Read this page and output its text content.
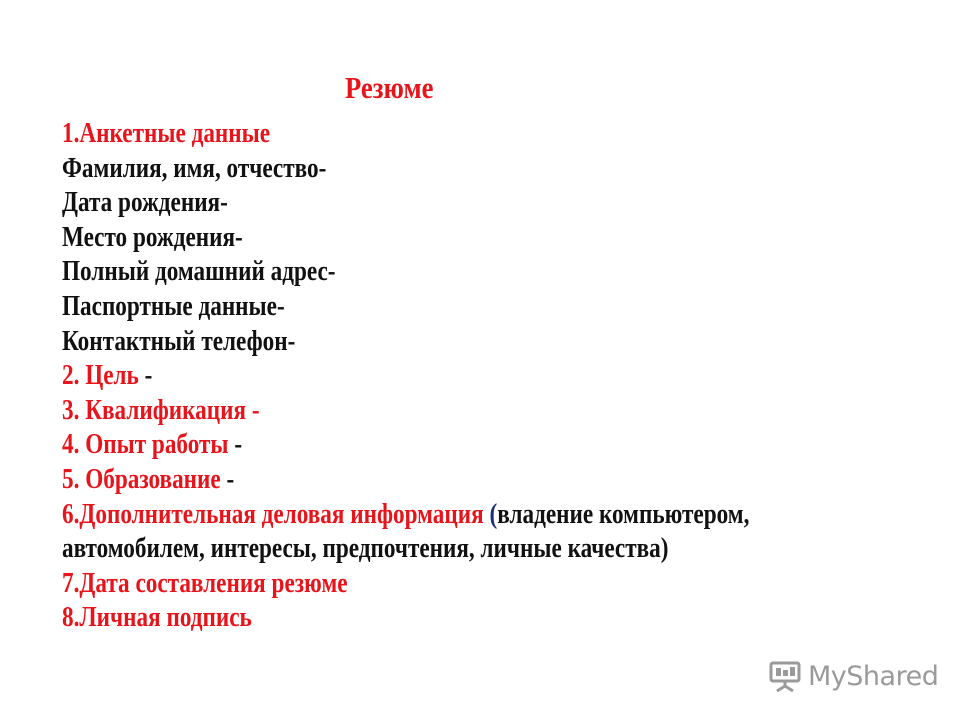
Резюме
1.Анкетные данные
Фамилия, имя, отчество-
Дата рождения-
Место рождения-
Полный домашний адрес-
Паспортные данные-
Контактный телефон-
2. Цель -
3. Квалификация -
4. Опыт работы -
5. Образование -
6.Дополнительная деловая информация (владение компьютером,
автомобилем, интересы, предпочтения, личные качества)
7.Дата составления резюме
8.Личная подпись
MyShared
